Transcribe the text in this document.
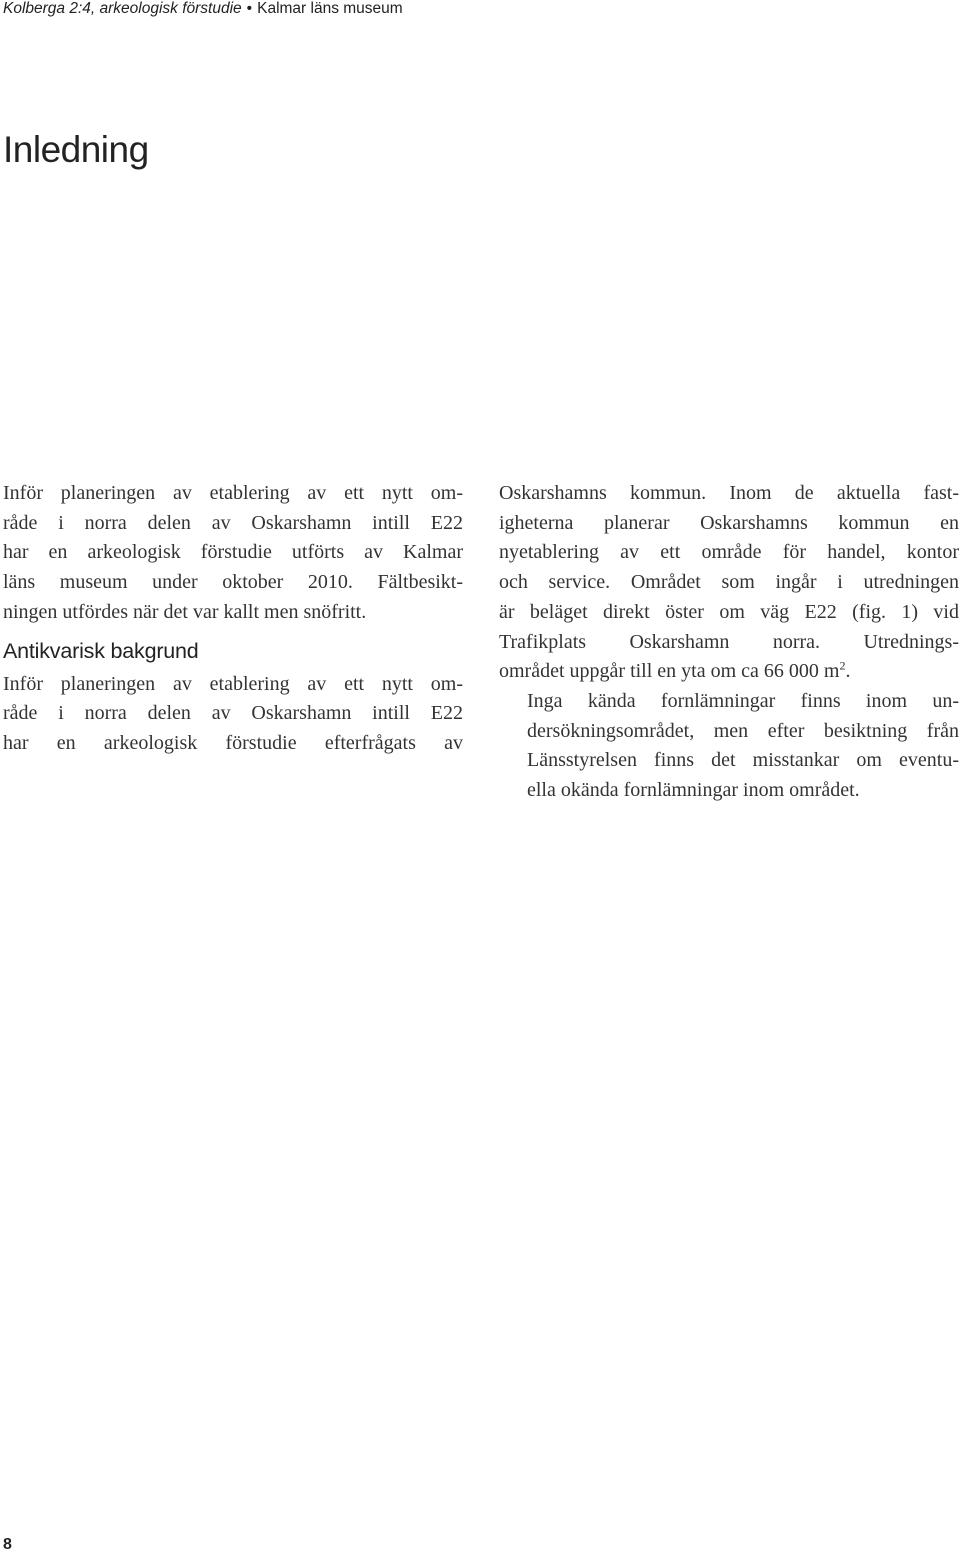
Kolberga 2:4, arkeologisk förstudie • Kalmar läns museum
Inledning

Inför planeringen av etablering av ett nytt om-
råde i norra delen av Oskarshamn intill E22
har en arkeologisk förstudie utförts av Kalmar
läns museum under oktober 2010. Fältbesikt-
ningen utfördes när det var kallt men snöfritt.

Antikvarisk bakgrund

Inför planeringen av etablering av ett nytt om-
råde i norra delen av Oskarshamn intill E22
har en arkeologisk förstudie efterfrågats av

Oskarshamns kommun. Inom de aktuella fast-
igheterna planerar Oskarshamns kommun en
nyetablering av ett område för handel, kontor
och service. Området som ingår i utredningen
är beläget direkt öster om väg E22 (fig. 1) vid
Trafikplats Oskarshamn norra. Utrednings-
området uppgår till en yta om ca 66 000 $m^2$.

Inga kända fornlämningar finns inom un-
dersökningsområdet, men efter besiktning från
Länsstyrelsen finns det misstankar om eventu-
ella okända fornlämningar inom området.

8
